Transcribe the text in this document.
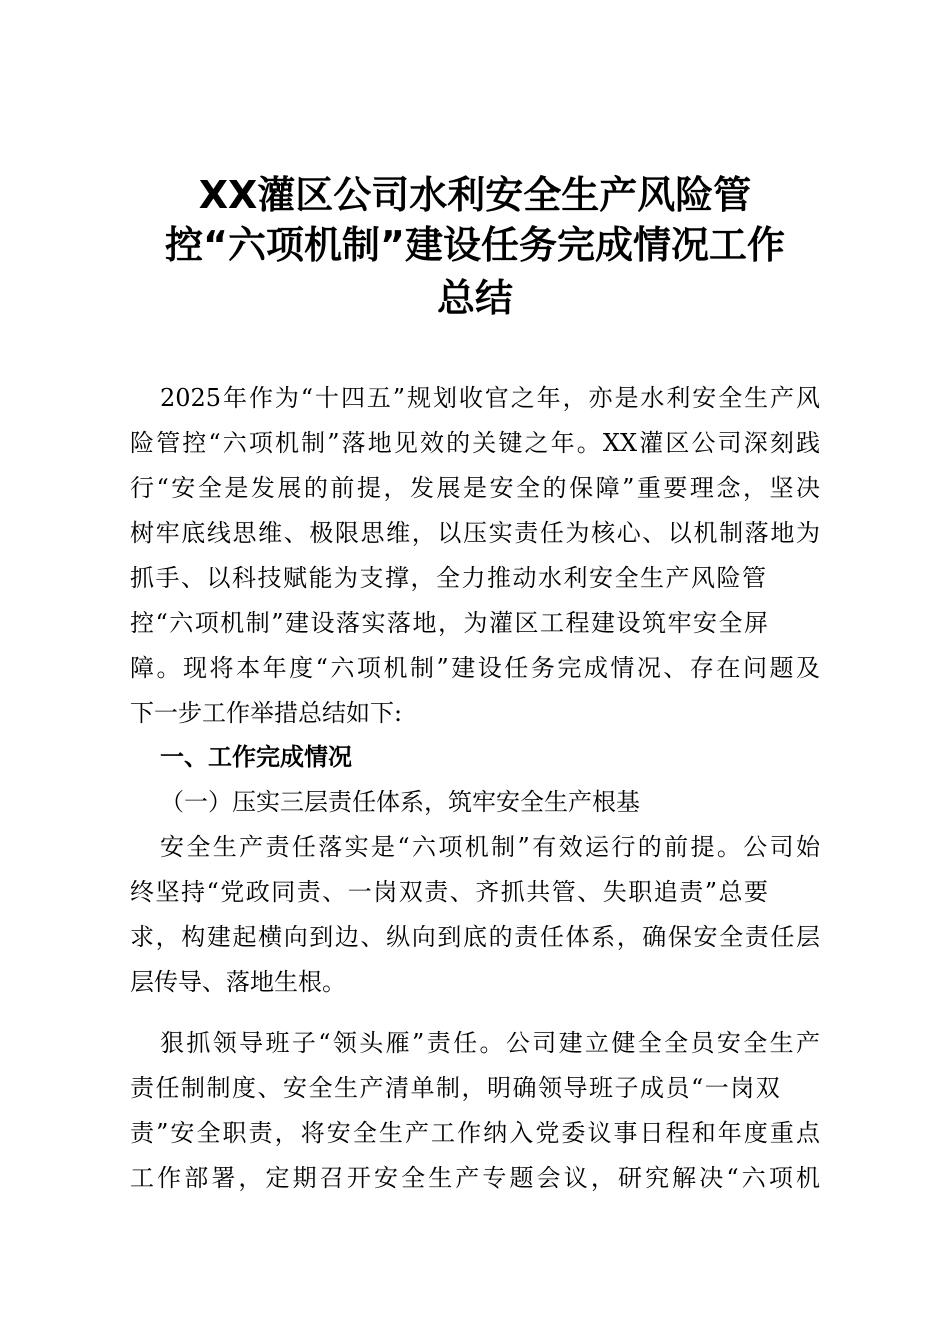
XX灌区公司水利安全生产风险管
控“六项机制”建设任务完成情况工作
总结
2025年作为“十四五”规划收官之年，亦是水利安全生产风
险管控“六项机制”落地见效的关键之年。XX灌区公司深刻践
行“安全是发展的前提，发展是安全的保障”重要理念，坚决
树牢底线思维、极限思维，以压实责任为核心、以机制落地为
抓手、以科技赋能为支撑，全力推动水利安全生产风险管
控“六项机制”建设落实落地，为灌区工程建设筑牢安全屏
障。现将本年度“六项机制”建设任务完成情况、存在问题及
下一步工作举措总结如下:
一、工作完成情况
（一）压实三层责任体系，筑牢安全生产根基
安全生产责任落实是“六项机制”有效运行的前提。公司始
终坚持“党政同责、一岗双责、齐抓共管、失职追责”总要
求，构建起横向到边、纵向到底的责任体系，确保安全责任层
层传导、落地生根。
狠抓领导班子“领头雁”责任。公司建立健全全员安全生产
责任制制度、安全生产清单制，明确领导班子成员“一岗双
责”安全职责，将安全生产工作纳入党委议事日程和年度重点
工作部署，定期召开安全生产专题会议，研究解决“六项机
